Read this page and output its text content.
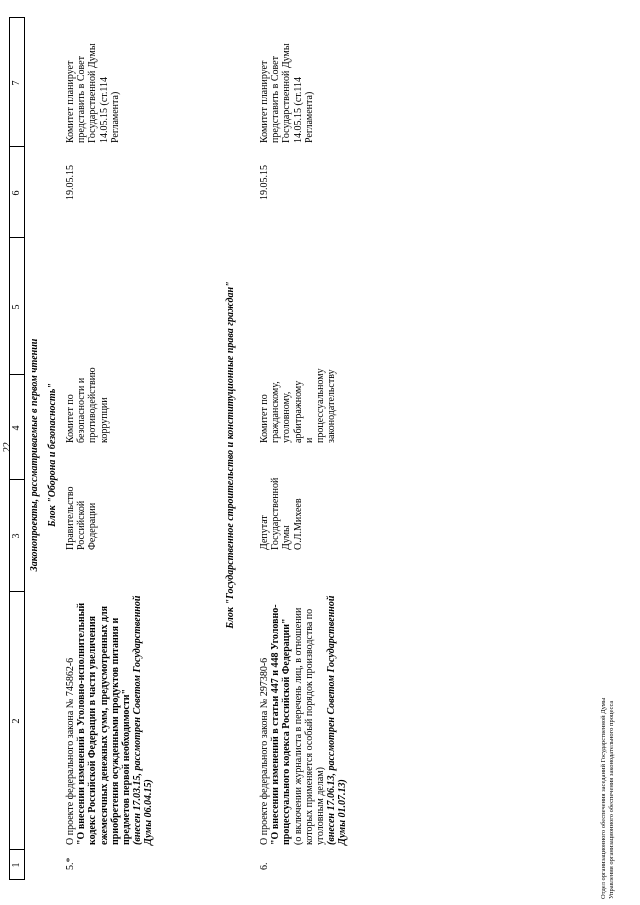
22
1
2
3
4
5
6
7
Законопроекты, рассматриваемые в первом чтении Блок "Оборона и безопасность"
5.*
О проекте федерального закона № 745862-6 "О внесении изменений в Уголовно-исполнительный кодекс Российской Федерации в части увеличения ежемесячных денежных сумм, предусмотренных для приобретения осужденными продуктов питания и предметов первой необходимости" (внесен 17.03.15, рассмотрен Советом Государственной Думы 06.04.15)
Правительство Российской Федерации
Комитет по безопасности и противодействию коррупции
19.05.15
Комитет планирует представить в Совет Государственной Думы 14.05.15 (ст.114 Регламента)
Блок "Государственное строительство и конституционные права граждан"
6.
О проекте федерального закона № 297380-6 "О внесении изменений в статьи 447 и 448 Уголовно-процессуального кодекса Российской Федерации" (о включении журналиста в перечень лиц, в отношении которых применяется особый порядок производства по уголовным делам) (внесен 17.06.13, рассмотрен Советом Государственной Думы 01.07.13)
Депутат Государственной Думы О.Л.Михеев
Комитет по гражданскому, уголовному, арбитражному и процессуальному законодательству
19.05.15
Комитет планирует представить в Совет Государственной Думы 14.05.15 (ст.114 Регламента)
Отдел организационного обеспечения заседаний Государственной Думы Управления организационного обеспечения законодательного процесса
